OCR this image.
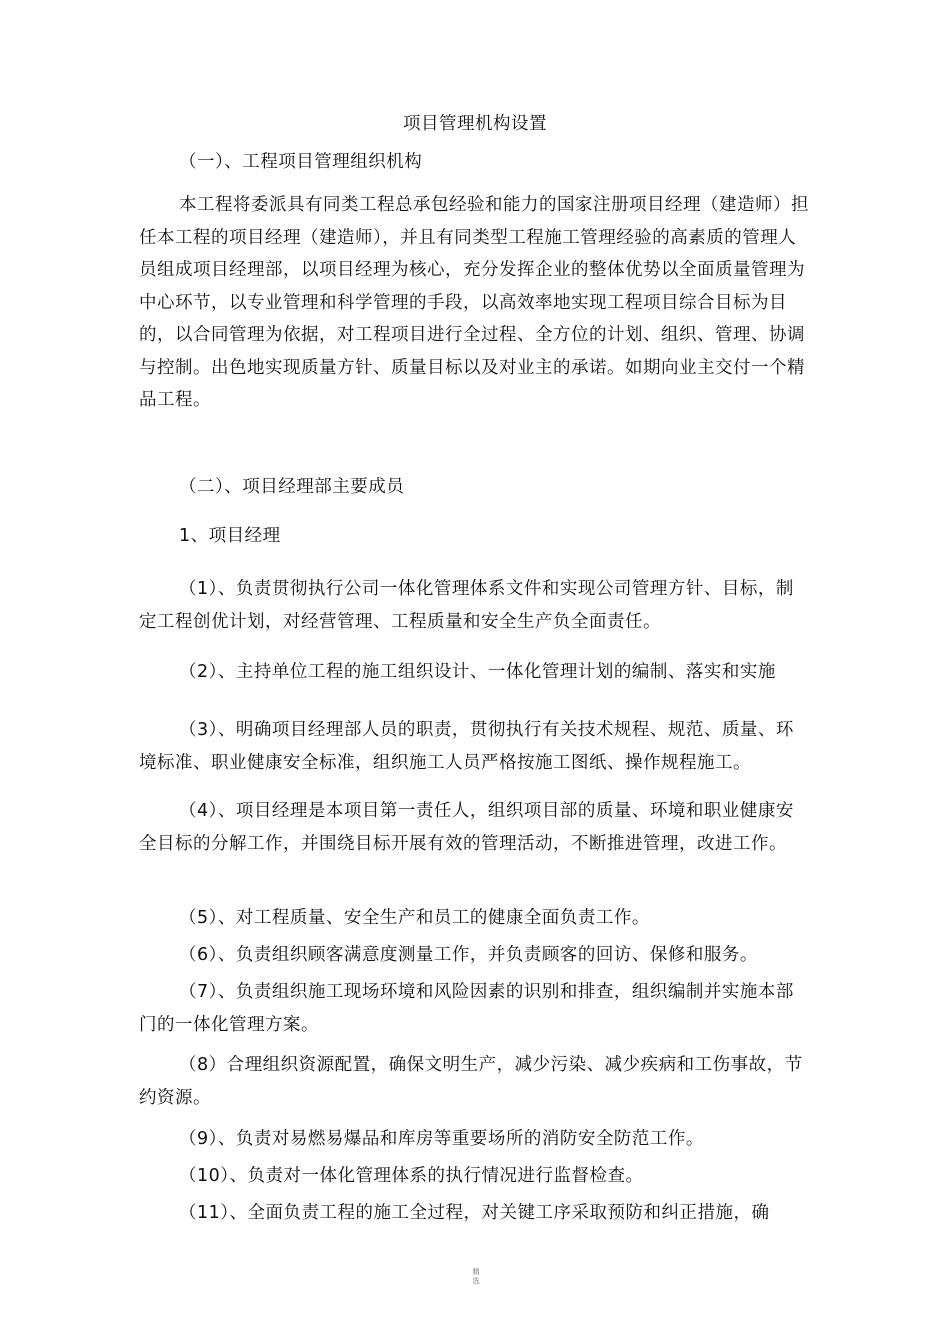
项目管理机构设置

（一）、工程项目管理组织机构

本工程将委派具有同类工程总承包经验和能力的国家注册项目经理（建造师）担任本工程的项目经理（建造师），并且有同类型工程施工管理经验的高素质的管理人员组成项目经理部，以项目经理为核心，充分发挥企业的整体优势以全面质量管理为中心环节，以专业管理和科学管理的手段，以高效率地实现工程项目综合目标为目的，以合同管理为依据，对工程项目进行全过程、全方位的计划、组织、管理、协调与控制。出色地实现质量方针、质量目标以及对业主的承诺。如期向业主交付一个精品工程。

（二）、项目经理部主要成员

1、项目经理

（1）、负责贯彻执行公司一体化管理体系文件和实现公司管理方针、目标，制定工程创优计划，对经营管理、工程质量和安全生产负全面责任。

（2）、主持单位工程的施工组织设计、一体化管理计划的编制、落实和实施

（3）、明确项目经理部人员的职责，贯彻执行有关技术规程、规范、质量、环境标准、职业健康安全标准，组织施工人员严格按施工图纸、操作规程施工。

（4）、项目经理是本项目第一责任人，组织项目部的质量、环境和职业健康安全目标的分解工作，并围绕目标开展有效的管理活动，不断推进管理，改进工作。

（5）、对工程质量、安全生产和员工的健康全面负责工作。

（6）、负责组织顾客满意度测量工作，并负责顾客的回访、保修和服务。

（7）、负责组织施工现场环境和风险因素的识别和排查，组织编制并实施本部门的一体化管理方案。

（8）合理组织资源配置，确保文明生产，减少污染、减少疾病和工伤事故，节约资源。

（9）、负责对易燃易爆品和库房等重要场所的消防安全防范工作。

（10）、负责对一体化管理体系的执行情况进行监督检查。

（11）、全面负责工程的施工全过程，对关键工序采取预防和纠正措施，确

精选
